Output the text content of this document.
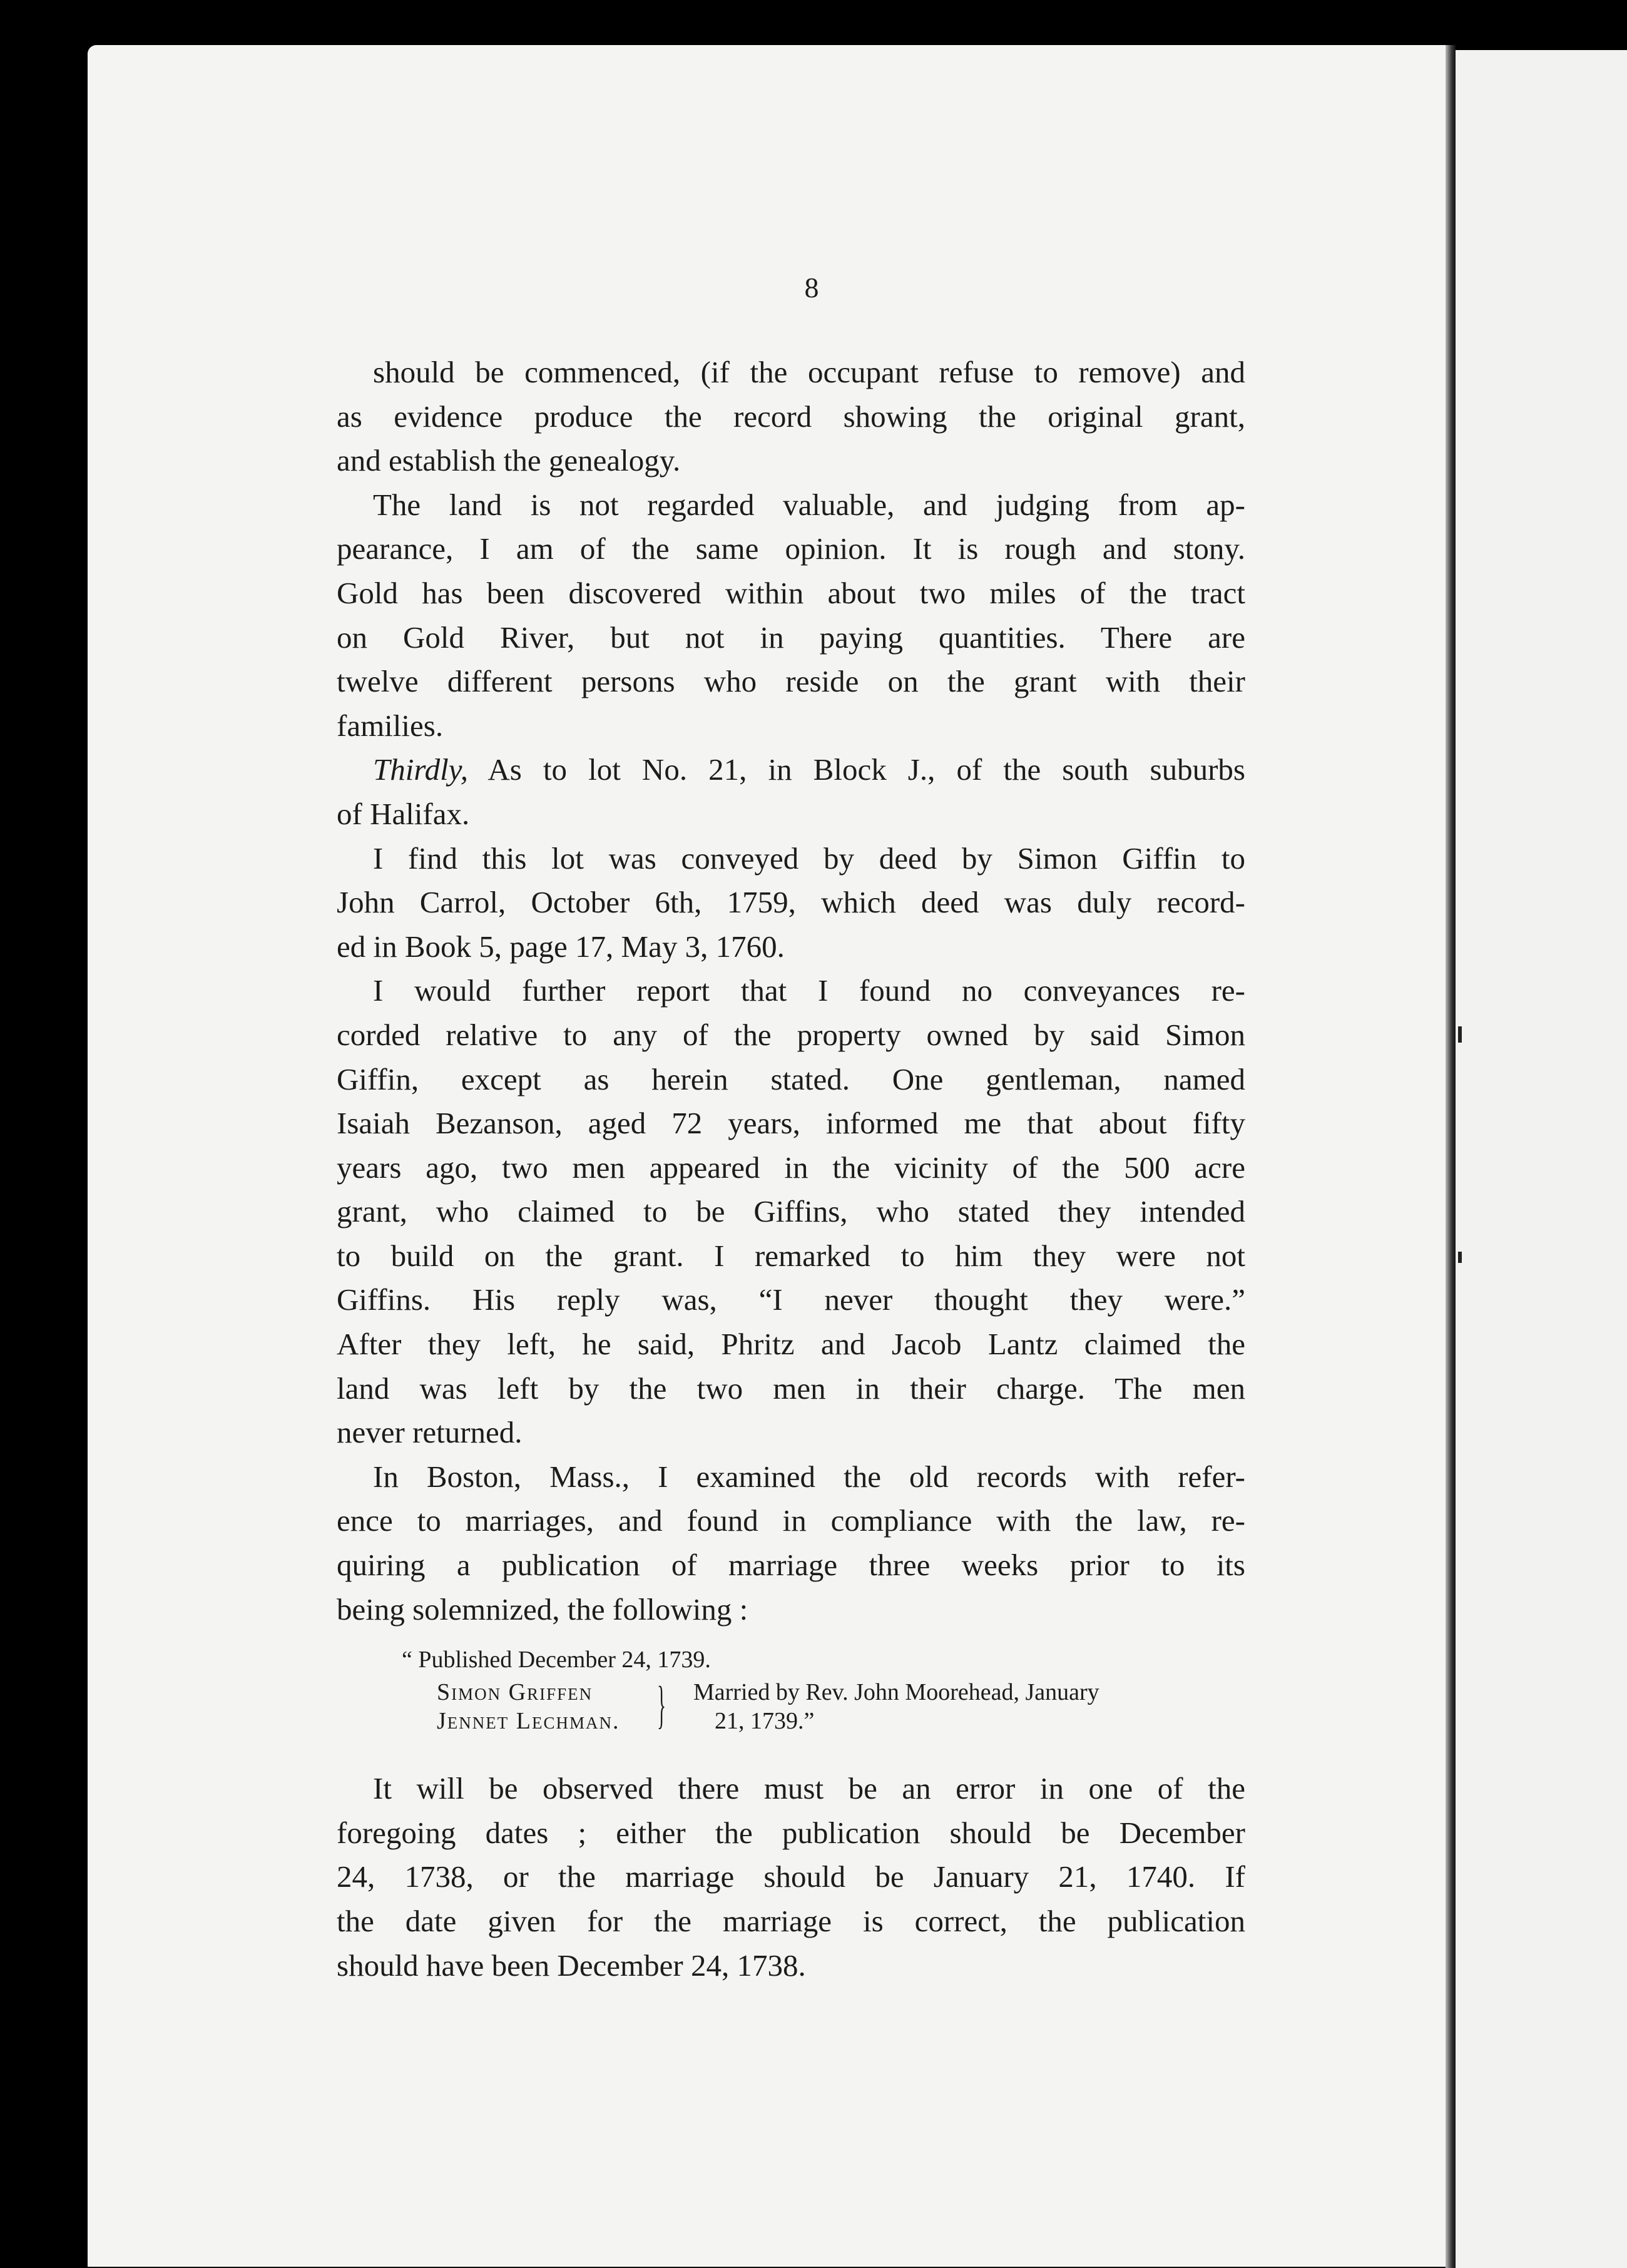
8

should be commenced, (if the occupant refuse to remove) and
as evidence produce the record showing the original grant,
and establish the genealogy.

The land is not regarded valuable, and judging from ap-
pearance, I am of the same opinion. It is rough and stony.
Gold has been discovered within about two miles of the tract
on Gold River, but not in paying quantities. There are
twelve different persons who reside on the grant with their
families.

Thirdly, As to lot No. 21, in Block J., of the south suburbs
of Halifax.

I find this lot was conveyed by deed by Simon Giffin to
John Carrol, October 6th, 1759, which deed was duly record-
ed in Book 5, page 17, May 3, 1760.

I would further report that I found no conveyances re-
corded relative to any of the property owned by said Simon
Giffin, except as herein stated. One gentleman, named
Isaiah Bezanson, aged 72 years, informed me that about fifty
years ago, two men appeared in the vicinity of the 500 acre
grant, who claimed to be Giffins, who stated they intended
to build on the grant. I remarked to him they were not
Giffins. His reply was, “I never thought they were.”
After they left, he said, Phritz and Jacob Lantz claimed the
land was left by the two men in their charge. The men
never returned.

In Boston, Mass., I examined the old records with refer-
ence to marriages, and found in compliance with the law, re-
quiring a publication of marriage three weeks prior to its
being solemnized, the following :

“ Published December 24, 1739.
Simon Griffen
Jennet Lechman. } Married by Rev. John Moorehead, January
21, 1739.”

It will be observed there must be an error in one of the
foregoing dates ; either the publication should be December
24, 1738, or the marriage should be January 21, 1740. If
the date given for the marriage is correct, the publication
should have been December 24, 1738.
